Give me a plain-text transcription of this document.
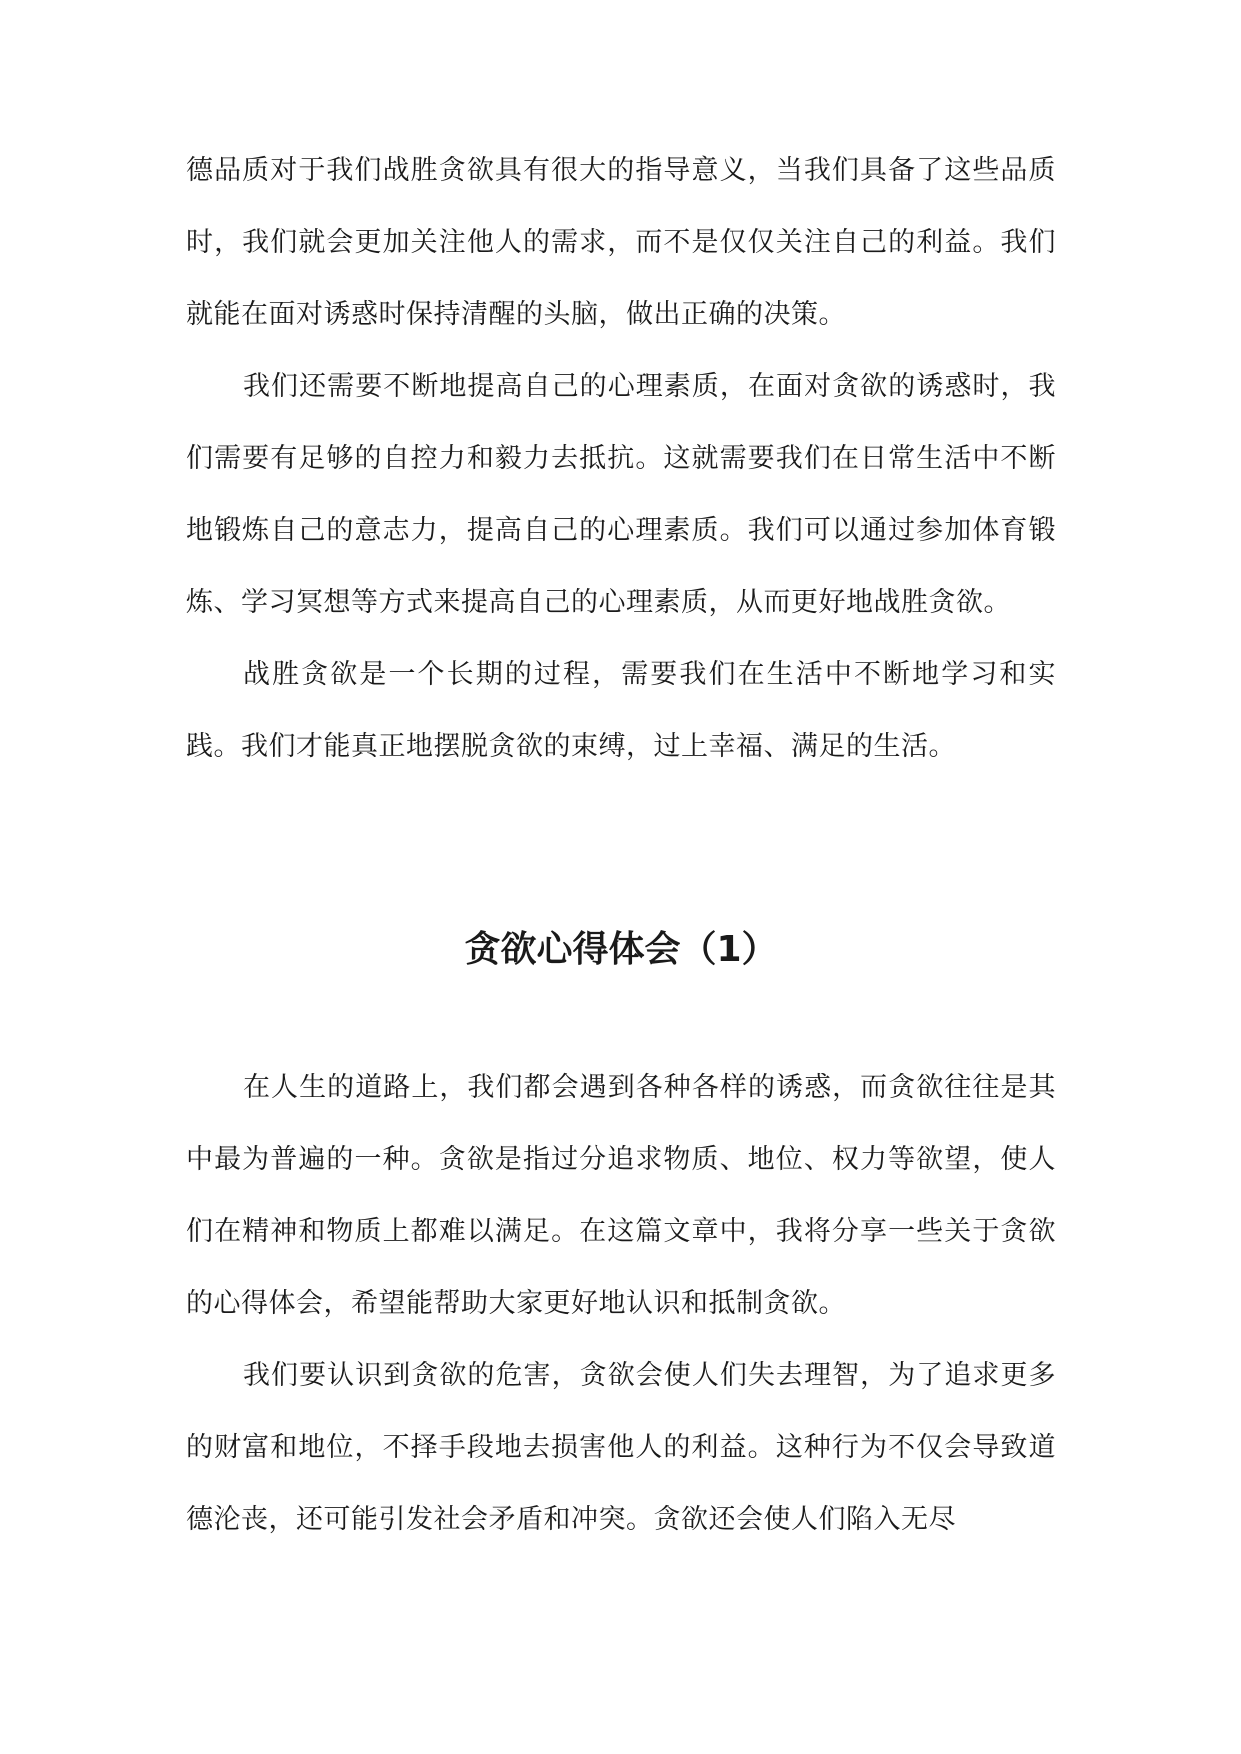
德品质对于我们战胜贪欲具有很大的指导意义，当我们具备了这些品质时，我们就会更加关注他人的需求，而不是仅仅关注自己的利益。我们就能在面对诱惑时保持清醒的头脑，做出正确的决策。

我们还需要不断地提高自己的心理素质，在面对贪欲的诱惑时，我们需要有足够的自控力和毅力去抵抗。这就需要我们在日常生活中不断地锻炼自己的意志力，提高自己的心理素质。我们可以通过参加体育锻炼、学习冥想等方式来提高自己的心理素质，从而更好地战胜贪欲。

战胜贪欲是一个长期的过程，需要我们在生活中不断地学习和实践。我们才能真正地摆脱贪欲的束缚，过上幸福、满足的生活。

贪欲心得体会（1）

在人生的道路上，我们都会遇到各种各样的诱惑，而贪欲往往是其中最为普遍的一种。贪欲是指过分追求物质、地位、权力等欲望，使人们在精神和物质上都难以满足。在这篇文章中，我将分享一些关于贪欲的心得体会，希望能帮助大家更好地认识和抵制贪欲。

我们要认识到贪欲的危害，贪欲会使人们失去理智，为了追求更多的财富和地位，不择手段地去损害他人的利益。这种行为不仅会导致道德沦丧，还可能引发社会矛盾和冲突。贪欲还会使人们陷入无尽
